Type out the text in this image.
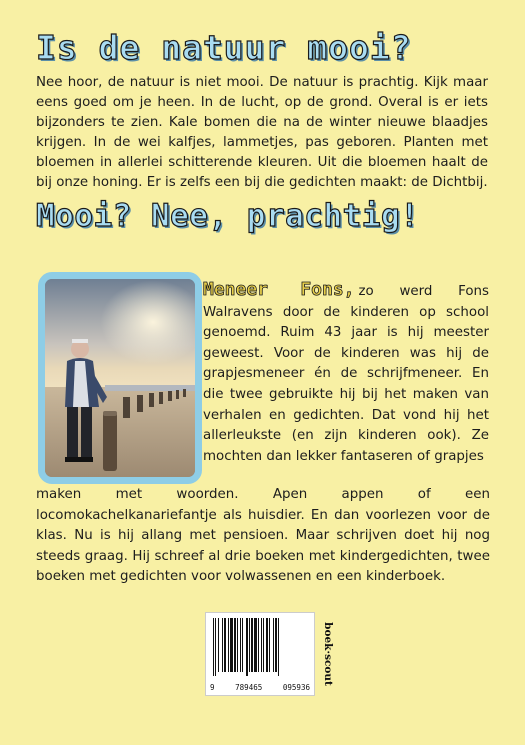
Is de natuur mooi?

Nee hoor, de natuur is niet mooi. De natuur is prachtig. Kijk maar eens goed om je heen. In de lucht, op de grond. Overal is er iets bijzonders te zien. Kale bomen die na de winter nieuwe blaadjes krijgen. In de wei kalfjes, lammetjes, pas geboren. Planten met bloemen in allerlei schitterende kleuren. Uit die bloemen haalt de bij onze honing. Er is zelfs een bij die gedichten maakt: de Dichtbij.

Mooi? Nee, prachtig!

Meneer Fons, zo werd Fons Walravens door de kinderen op school genoemd. Ruim 43 jaar is hij meester geweest. Voor de kinderen was hij de grapjesmeneer én de schrijfmeneer. En die twee gebruikte hij bij het maken van verhalen en gedichten. Dat vond hij het allerleukste (en zijn kinderen ook). Ze mochten dan lekker fantaseren of grapjes

maken met woorden. Apen appen of een locomokachelkanariefantje als huisdier. En dan voorlezen voor de klas. Nu is hij allang met pensioen. Maar schrijven doet hij nog steeds graag. Hij schreef al drie boeken met kindergedichten, twee boeken met gedichten voor volwassenen en een kinderboek.

9	789465	095936
boek·scout
